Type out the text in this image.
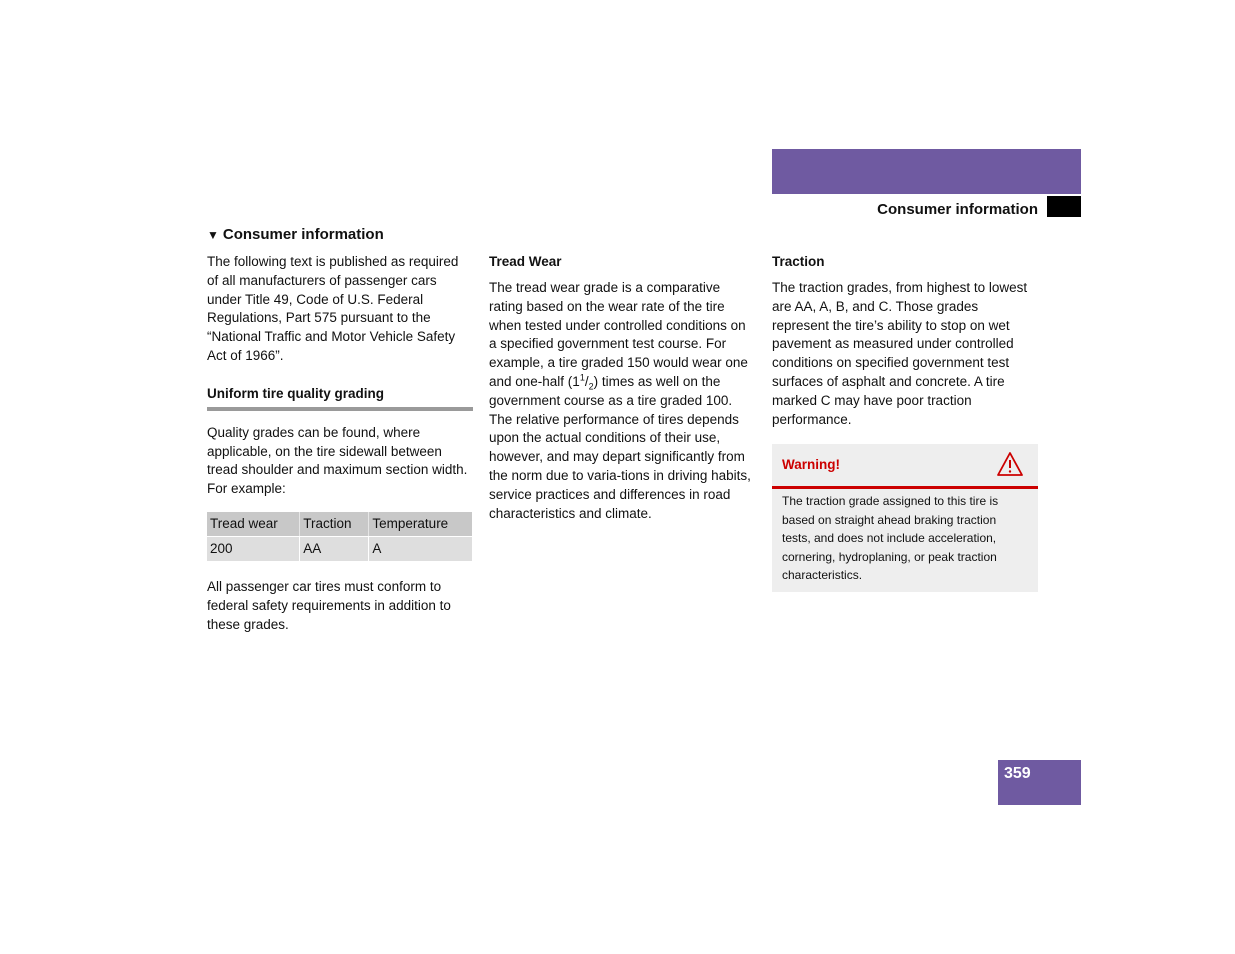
Technical data
Consumer information
▼ Consumer information

The following text is published as required of all manufacturers of passenger cars under Title 49, Code of U.S. Federal Regulations, Part 575 pursuant to the “National Traffic and Motor Vehicle Safety Act of 1966”.

Uniform tire quality grading

Quality grades can be found, where applicable, on the tire sidewall between tread shoulder and maximum section width. For example:

Tread wear	Traction	Temperature
200	AA	A

All passenger car tires must conform to federal safety requirements in addition to these grades.

Tread Wear

The tread wear grade is a comparative rating based on the wear rate of the tire when tested under controlled conditions on a specified government test course. For example, a tire graded 150 would wear one and one-half $(1^1/_2)$ times as well on the government course as a tire graded 100. The relative performance of tires depends upon the actual conditions of their use, however, and may depart significantly from the norm due to varia-tions in driving habits, service practices and differences in road characteristics and climate.

Traction

The traction grades, from highest to lowest are AA, A, B, and C. Those grades represent the tire’s ability to stop on wet pavement as measured under controlled conditions on specified government test surfaces of asphalt and concrete. A tire marked C may have poor traction performance.

Warning!
The traction grade assigned to this tire is based on straight ahead braking traction tests, and does not include acceleration, cornering, hydroplaning, or peak traction characteristics.
359
